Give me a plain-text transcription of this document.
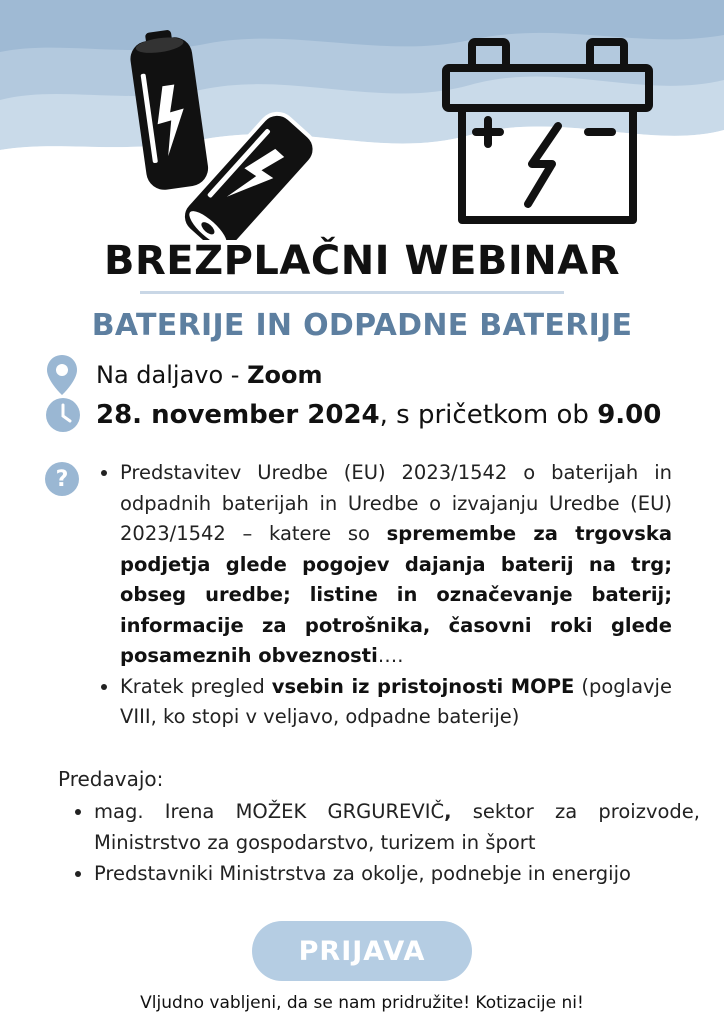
BREZPLAČNI WEBINAR
BATERIJE IN ODPADNE BATERIJE
Na daljavo - Zoom
28. november 2024, s pričetkom ob 9.00
?
•	Predstavitev Uredbe (EU) 2023/1542 o baterijah in odpadnih baterijah in Uredbe o izvajanju Uredbe (EU) 2023/1542 – katere so spremembe za trgovska podjetja glede pogojev dajanja baterij na trg; obseg uredbe; listine in označevanje baterij; informacije za potrošnika, časovni roki glede posameznih obveznosti….
• Kratek pregled vsebin iz pristojnosti MOPE (poglavje VIII, ko stopi v veljavo, odpadne baterije)
Predavajo:
• mag. Irena MOŽEK GRGUREVIČ, sektor za proizvode, Ministrstvo za gospodarstvo, turizem in šport
• Predstavniki Ministrstva za okolje, podnebje in energijo
PRIJAVA
Vljudno vabljeni, da se nam pridružite! Kotizacije ni!
